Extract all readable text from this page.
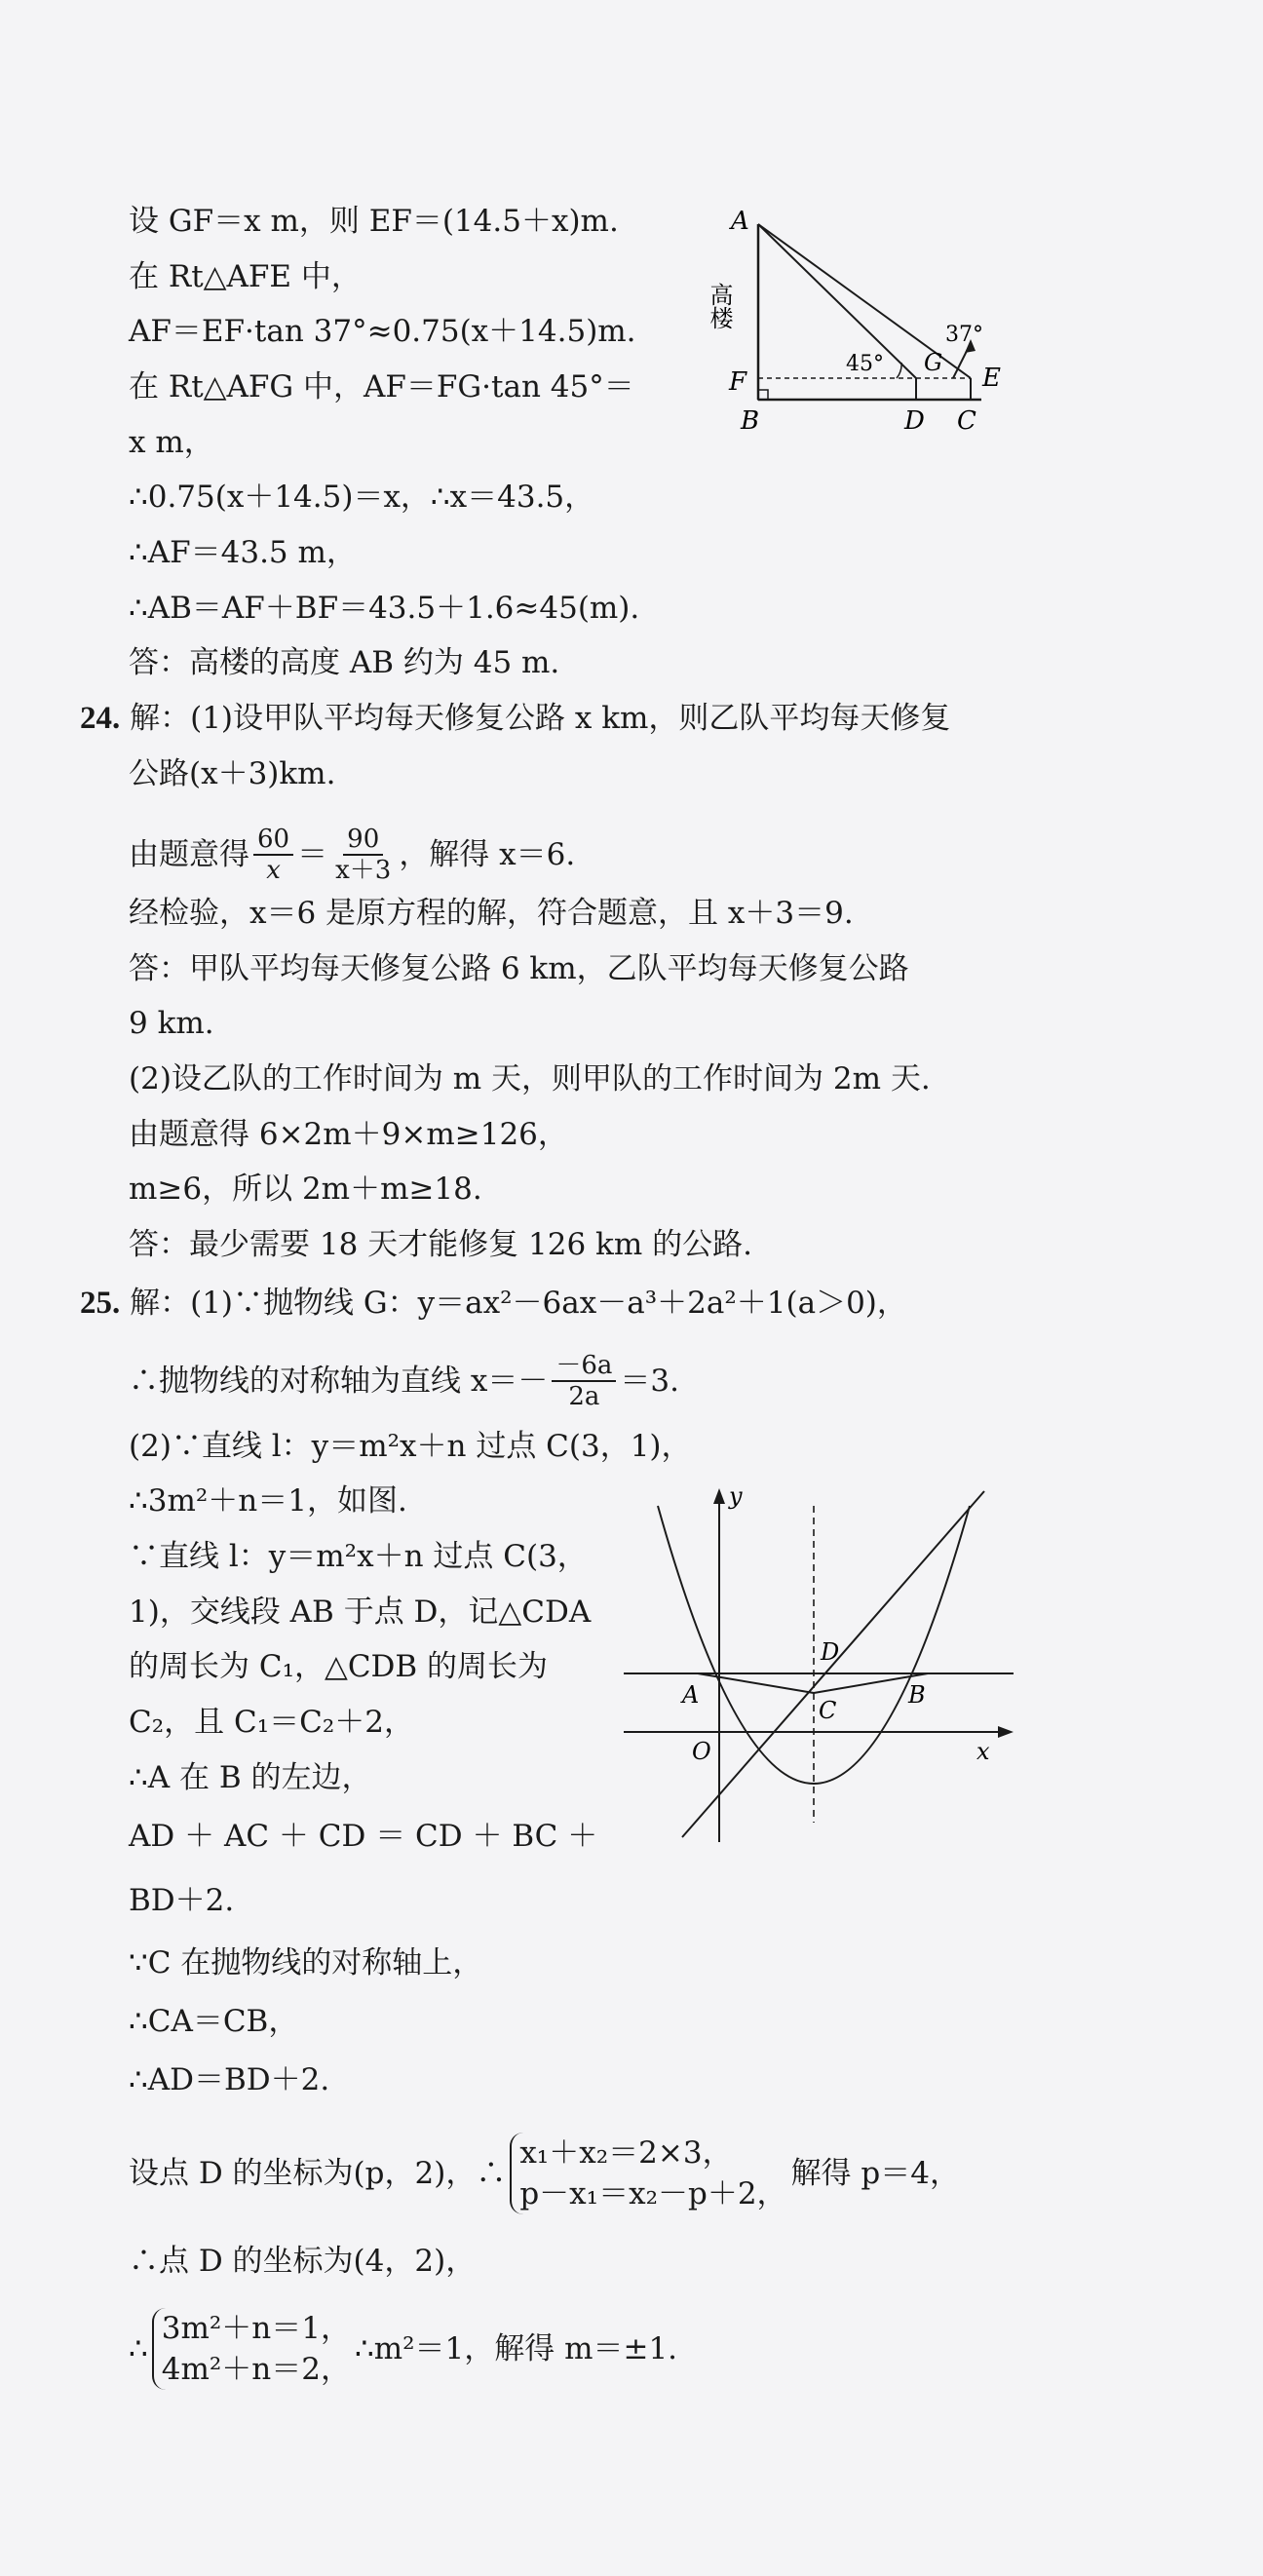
设 GF＝x m，则 EF＝(14.5＋x)m.
在 Rt△AFE 中，
AF＝EF·tan 37°≈0.75(x＋14.5)m.
在 Rt△AFG 中，AF＝FG·tan 45°＝
x m，
∴0.75(x＋14.5)＝x，∴x＝43.5，
∴AF＝43.5 m，
∴AB＝AF＋BF＝43.5＋1.6≈45(m).
答：高楼的高度 AB 约为 45 m.
A
高楼
F
B	D C
E
G
45°
37°
24. 解：(1)设甲队平均每天修复公路 x km，则乙队平均每天修复
公路(x＋3)km.
由题意得 $\frac{60}{x} = \frac{90}{x+3}$ ，解得 x＝6.
经检验，x＝6 是原方程的解，符合题意，且 x＋3＝9.
答：甲队平均每天修复公路 6 km，乙队平均每天修复公路
9 km.
(2)设乙队的工作时间为 m 天，则甲队的工作时间为 2m 天.
由题意得 6×2m＋9×m≥126，
m≥6，所以 2m＋m≥18.
答：最少需要 18 天才能修复 126 km 的公路.
25. 解：(1)∵抛物线 G：y＝ax²－6ax－a³＋2a²＋1(a＞0)，
∴抛物线的对称轴为直线 $x=- \frac{-6a}{2a} =3$.
(2)∵直线 l：y＝m²x＋n 过点 C(3，1)，
∴3m²＋n＝1，如图.
∵直线 l：y＝m²x＋n 过点 C(3，
1)，交线段 AB 于点 D，记△CDA
的周长为 C₁，△CDB 的周长为
C₂，且 C₁＝C₂＋2，
∴A 在 B 的左边，
AD ＋ AC ＋ CD ＝ CD ＋ BC ＋
BD＋2.
∵C 在抛物线的对称轴上，
∴CA＝CB，
∴AD＝BD＋2.
设点 D 的坐标为(p，2)，∴
x₁＋x₂＝2×3，
p－x₁＝x₂－p＋2，
解得 p＝4，
∴点 D 的坐标为(4，2)，
∴
3m²＋n＝1，
4m²＋n＝2，
∴m²＝1，解得 m＝±1.
y
x
O
A	B
C
D
